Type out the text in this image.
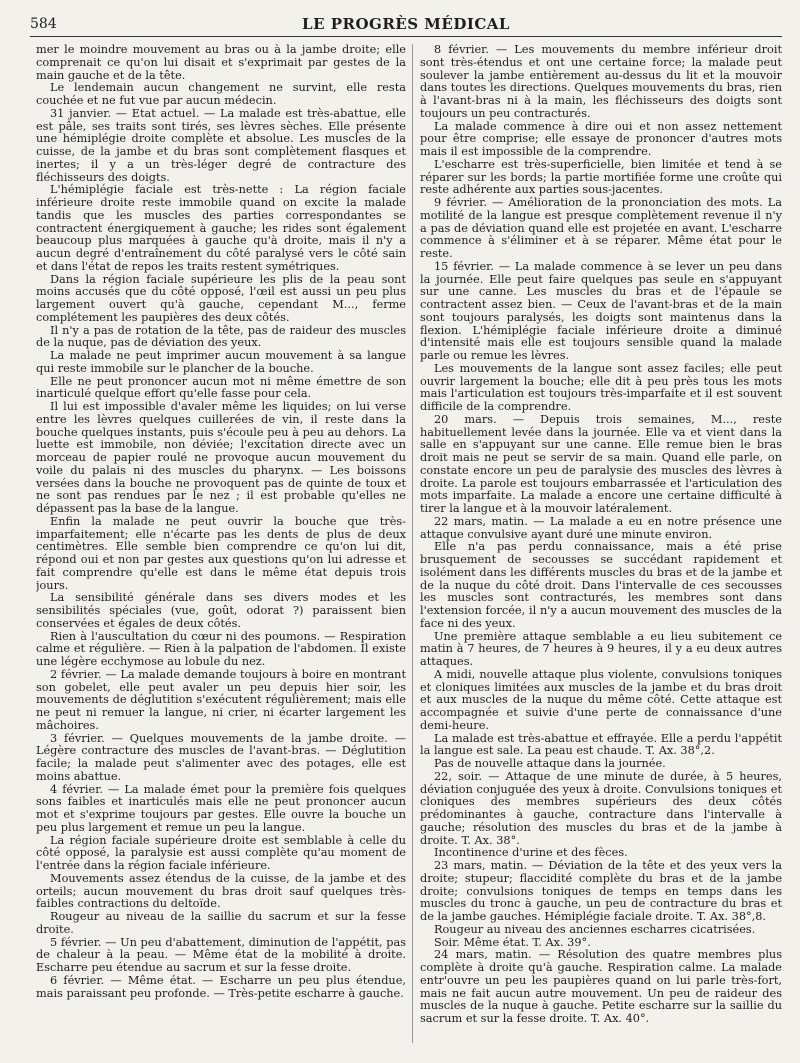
584	LE PROGRÈS MÉDICAL

mer le moindre mouvement au bras ou à la jambe droite; elle comprenait ce qu'on lui disait et s'exprimait par gestes de la main gauche et de la tête.

Le lendemain aucun changement ne survint, elle resta couchée et ne fut vue par aucun médecin.

31 janvier. — Etat actuel. — La malade est très-abattue, elle est pâle, ses traits sont tirés, ses lèvres sèches. Elle présente une hémiplégie droite complète et absolue. Les muscles de la cuisse, de la jambe et du bras sont complètement flasques et inertes; il y a un très-léger degré de contracture des fléchisseurs des doigts.

L'hémiplégie faciale est très-nette : La région faciale inférieure droite reste immobile quand on excite la malade tandis que les muscles des parties correspondantes se contractent énergiquement à gauche; les rides sont également beaucoup plus marquées à gauche qu'à droite, mais il n'y a aucun degré d'entraînement du côté paralysé vers le côté sain et dans l'état de repos les traits restent symétriques.

Dans la région faciale supérieure les plis de la peau sont moins accusés que du côté opposé, l'œil est aussi un peu plus largement ouvert qu'à gauche, cependant M..., ferme complétement les paupières des deux côtés.

Il n'y a pas de rotation de la tête, pas de raideur des muscles de la nuque, pas de déviation des yeux.

La malade ne peut imprimer aucun mouvement à sa langue qui reste immobile sur le plancher de la bouche.

Elle ne peut prononcer aucun mot ni même émettre de son inarticulé quelque effort qu'elle fasse pour cela.

Il lui est impossible d'avaler même les liquides; on lui verse entre les lèvres quelques cuillerées de vin, il reste dans la bouche quelques instants, puis s'écoule peu à peu au dehors. La luette est immobile, non déviée; l'excitation directe avec un morceau de papier roulé ne provoque aucun mouvement du voile du palais ni des muscles du pharynx. — Les boissons versées dans la bouche ne provoquent pas de quinte de toux et ne sont pas rendues par le nez ; il est probable qu'elles ne dépassent pas la base de la langue.

Enfin la malade ne peut ouvrir la bouche que très-imparfaitement; elle n'écarte pas les dents de plus de deux centimètres. Elle semble bien comprendre ce qu'on lui dit, répond oui et non par gestes aux questions qu'on lui adresse et fait comprendre qu'elle est dans le même état depuis trois jours.

La sensibilité générale dans ses divers modes et les sensibilités spéciales (vue, goût, odorat ?) paraissent bien conservées et égales de deux côtés.

Rien à l'auscultation du cœur ni des poumons. — Respiration calme et régulière. — Rien à la palpation de l'abdomen. Il existe une légère ecchymose au lobule du nez.

2 février. — La malade demande toujours à boire en montrant son gobelet, elle peut avaler un peu depuis hier soir, les mouvements de déglutition s'exécutent régulièrement; mais elle ne peut ni remuer la langue, ni crier, ni écarter largement les mâchoires.

3 février. — Quelques mouvements de la jambe droite. — Légère contracture des muscles de l'avant-bras. — Déglutition facile; la malade peut s'alimenter avec des potages, elle est moins abattue.

4 février. — La malade émet pour la première fois quelques sons faibles et inarticulés mais elle ne peut prononcer aucun mot et s'exprime toujours par gestes. Elle ouvre la bouche un peu plus largement et remue un peu la langue.

La région faciale supérieure droite est semblable à celle du côté opposé, la paralysie est aussi complète qu'au moment de l'entrée dans la région faciale inférieure.

Mouvements assez étendus de la cuisse, de la jambe et des orteils; aucun mouvement du bras droit sauf quelques très-faibles contractions du deltoïde.

Rougeur au niveau de la saillie du sacrum et sur la fesse droite.

5 février. — Un peu d'abattement, diminution de l'appétit, pas de chaleur à la peau. — Même état de la mobilité à droite. Escharre peu étendue au sacrum et sur la fesse droite.

6 février. — Même état. — Escharre un peu plus étendue, mais paraissant peu profonde. — Très-petite escharre à gauche.

8 février. — Les mouvements du membre inférieur droit sont très-étendus et ont une certaine force; la malade peut soulever la jambe entièrement au-dessus du lit et la mouvoir dans toutes les directions. Quelques mouvements du bras, rien à l'avant-bras ni à la main, les fléchisseurs des doigts sont toujours un peu contracturés.

La malade commence à dire oui et non assez nettement pour être comprise; elle essaye de prononcer d'autres mots mais il est impossible de la comprendre.

L'escharre est très-superficielle, bien limitée et tend à se réparer sur les bords; la partie mortifiée forme une croûte qui reste adhérente aux parties sous-jacentes.

9 février. — Amélioration de la prononciation des mots. La motilité de la langue est presque complètement revenue il n'y a pas de déviation quand elle est projetée en avant. L'escharre commence à s'éliminer et à se réparer. Même état pour le reste.

15 février. — La malade commence à se lever un peu dans la journée. Elle peut faire quelques pas seule en s'appuyant sur une canne. Les muscles du bras et de l'épaule se contractent assez bien. — Ceux de l'avant-bras et de la main sont toujours paralysés, les doigts sont maintenus dans la flexion. L'hémiplégie faciale inférieure droite a diminué d'intensité mais elle est toujours sensible quand la malade parle ou remue les lèvres.

Les mouvements de la langue sont assez faciles; elle peut ouvrir largement la bouche; elle dit à peu près tous les mots mais l'articulation est toujours très-imparfaite et il est souvent difficile de la comprendre.

20 mars. — Depuis trois semaines, M..., reste habituellement levée dans la journée. Elle va et vient dans la salle en s'appuyant sur une canne. Elle remue bien le bras droit mais ne peut se servir de sa main. Quand elle parle, on constate encore un peu de paralysie des muscles des lèvres à droite. La parole est toujours embarrassée et l'articulation des mots imparfaite. La malade a encore une certaine difficulté à tirer la langue et à la mouvoir latéralement.

22 mars, matin. — La malade a eu en notre présence une attaque convulsive ayant duré une minute environ.

Elle n'a pas perdu connaissance, mais a été prise brusquement de secousses se succédant rapidement et isolément dans les différents muscles du bras et de la jambe et de la nuque du côté droit. Dans l'intervalle de ces secousses les muscles sont contracturés, les membres sont dans l'extension forcée, il n'y a aucun mouvement des muscles de la face ni des yeux.

Une première attaque semblable a eu lieu subitement ce matin à 7 heures, de 7 heures à 9 heures, il y a eu deux autres attaques.

A midi, nouvelle attaque plus violente, convulsions toniques et cloniques limitées aux muscles de la jambe et du bras droit et aux muscles de la nuque du même côté. Cette attaque est accompagnée et suivie d'une perte de connaissance d'une demi-heure.

La malade est très-abattue et effrayée. Elle a perdu l'appétit la langue est sale. La peau est chaude. T. Ax. 38°,2.

Pas de nouvelle attaque dans la journée.

22, soir. — Attaque de une minute de durée, à 5 heures, déviation conjuguée des yeux à droite. Convulsions toniques et cloniques des membres supérieurs des deux côtés prédominantes à gauche, contracture dans l'intervalle à gauche; résolution des muscles du bras et de la jambe à droite. T. Ax. 38°.

Incontinence d'urine et des fèces.

23 mars, matin. — Déviation de la tête et des yeux vers la droite; stupeur; flaccidité complète du bras et de la jambe droite; convulsions toniques de temps en temps dans les muscles du tronc à gauche, un peu de contracture du bras et de la jambe gauches. Hémiplégie faciale droite. T. Ax. 38°,8.

Rougeur au niveau des anciennes escharres cicatrisées.

Soir. Même état. T. Ax. 39°.

24 mars, matin. — Résolution des quatre membres plus complète à droite qu'à gauche. Respiration calme. La malade entr'ouvre un peu les paupières quand on lui parle très-fort, mais ne fait aucun autre mouvement. Un peu de raideur des muscles de la nuque à gauche. Petite escharre sur la saillie du sacrum et sur la fesse droite. T. Ax. 40°.
